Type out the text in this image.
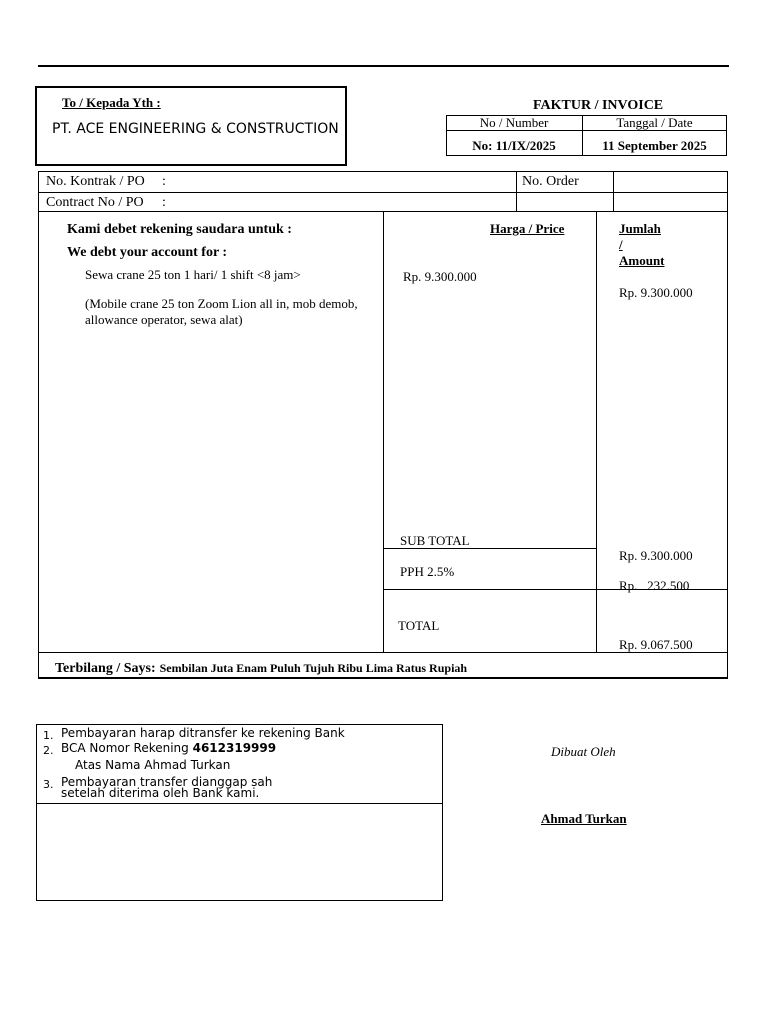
To / Kepada Yth :
PT. ACE ENGINEERING & CONSTRUCTION
FAKTUR / INVOICE
No / Number	Tanggal / Date
No: 11/IX/2025	11 September 2025
No. Kontrak / PO :
Contract No / PO :
No. Order
Kami debet rekening saudara untuk :
We debt your account for :
Sewa crane 25 ton 1 hari/ 1 shift <8 jam>
(Mobile crane 25 ton Zoom Lion all in, mob demob,
allowance operator, sewa alat)
Harga / Price
Rp. 9.300.000
Jumlah
/
Amount
Rp. 9.300.000
SUB TOTAL
Rp. 9.300.000
PPH 2.5%
Rp.   232.500
TOTAL
Rp. 9.067.500
Terbilang / Says: Sembilan Juta Enam Puluh Tujuh Ribu Lima Ratus Rupiah
1. Pembayaran harap ditransfer ke rekening Bank
2. BCA Nomor Rekening 4612319999
Atas Nama Ahmad Turkan
3. Pembayaran transfer dianggap sah
setelah diterima oleh Bank kami.
Dibuat Oleh
Ahmad Turkan
